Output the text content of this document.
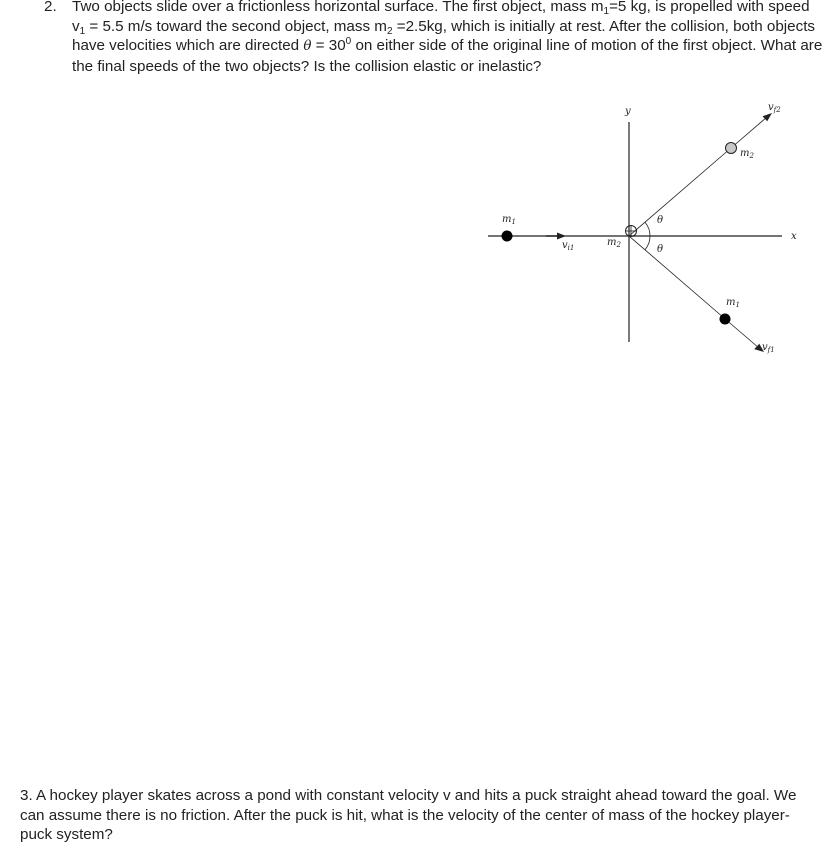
2. Two objects slide over a frictionless horizontal surface. The first object, mass $m_1=5$ kg, is propelled with speed $v_1 = 5.5$ m/s toward the second object, mass $m_2 =2.5kg$, which is initially at rest. After the collision, both objects have velocities which are directed $\theta = 30^0$ on either side of the original line of motion of the first object. What are the final speeds of the two objects? Is the collision elastic or inelastic?
y
x
$m_1$
$v_{i1}$	$m_2$
θ
θ
$m_2$
$v_{f2}$
$m_1$
$v_{f1}$
3. A hockey player skates across a pond with constant velocity v and hits a puck straight ahead toward the goal. We can assume there is no friction. After the puck is hit, what is the velocity of the center of mass of the hockey player-puck system?
